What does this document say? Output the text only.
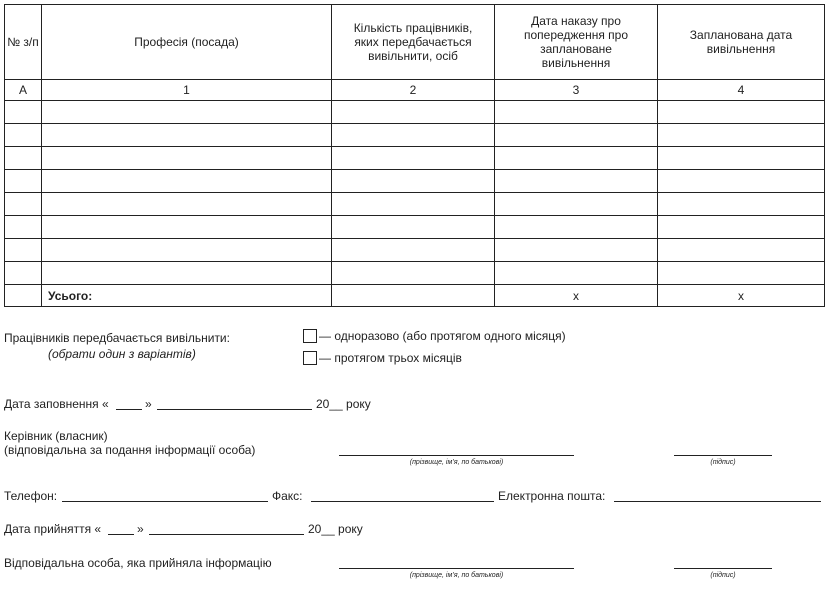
№ з/п	Професія (посада)	Кількість працівників, яких передбачається вивільнити, осіб	Дата наказу про попередження про заплановане вивільнення	Запланована дата вивільнення
А	1	2	3	4

	Усього:		х	х
Працівників передбачається вивільнити:
(обрати один з варіантів)
— одноразово (або протягом одного місяця)
— протягом трьох місяців
Дата заповнення «	»	20__ року
Керівник (власник)
(відповідальна за подання інформації особа)
(прізвище, ім’я, по батькові)	(підпис)
Телефон:	Факс:	Електронна пошта:
Дата прийняття «	»	20__ року
Відповідальна особа, яка прийняла інформацію
(прізвище, ім’я, по батькові)	(підпис)
